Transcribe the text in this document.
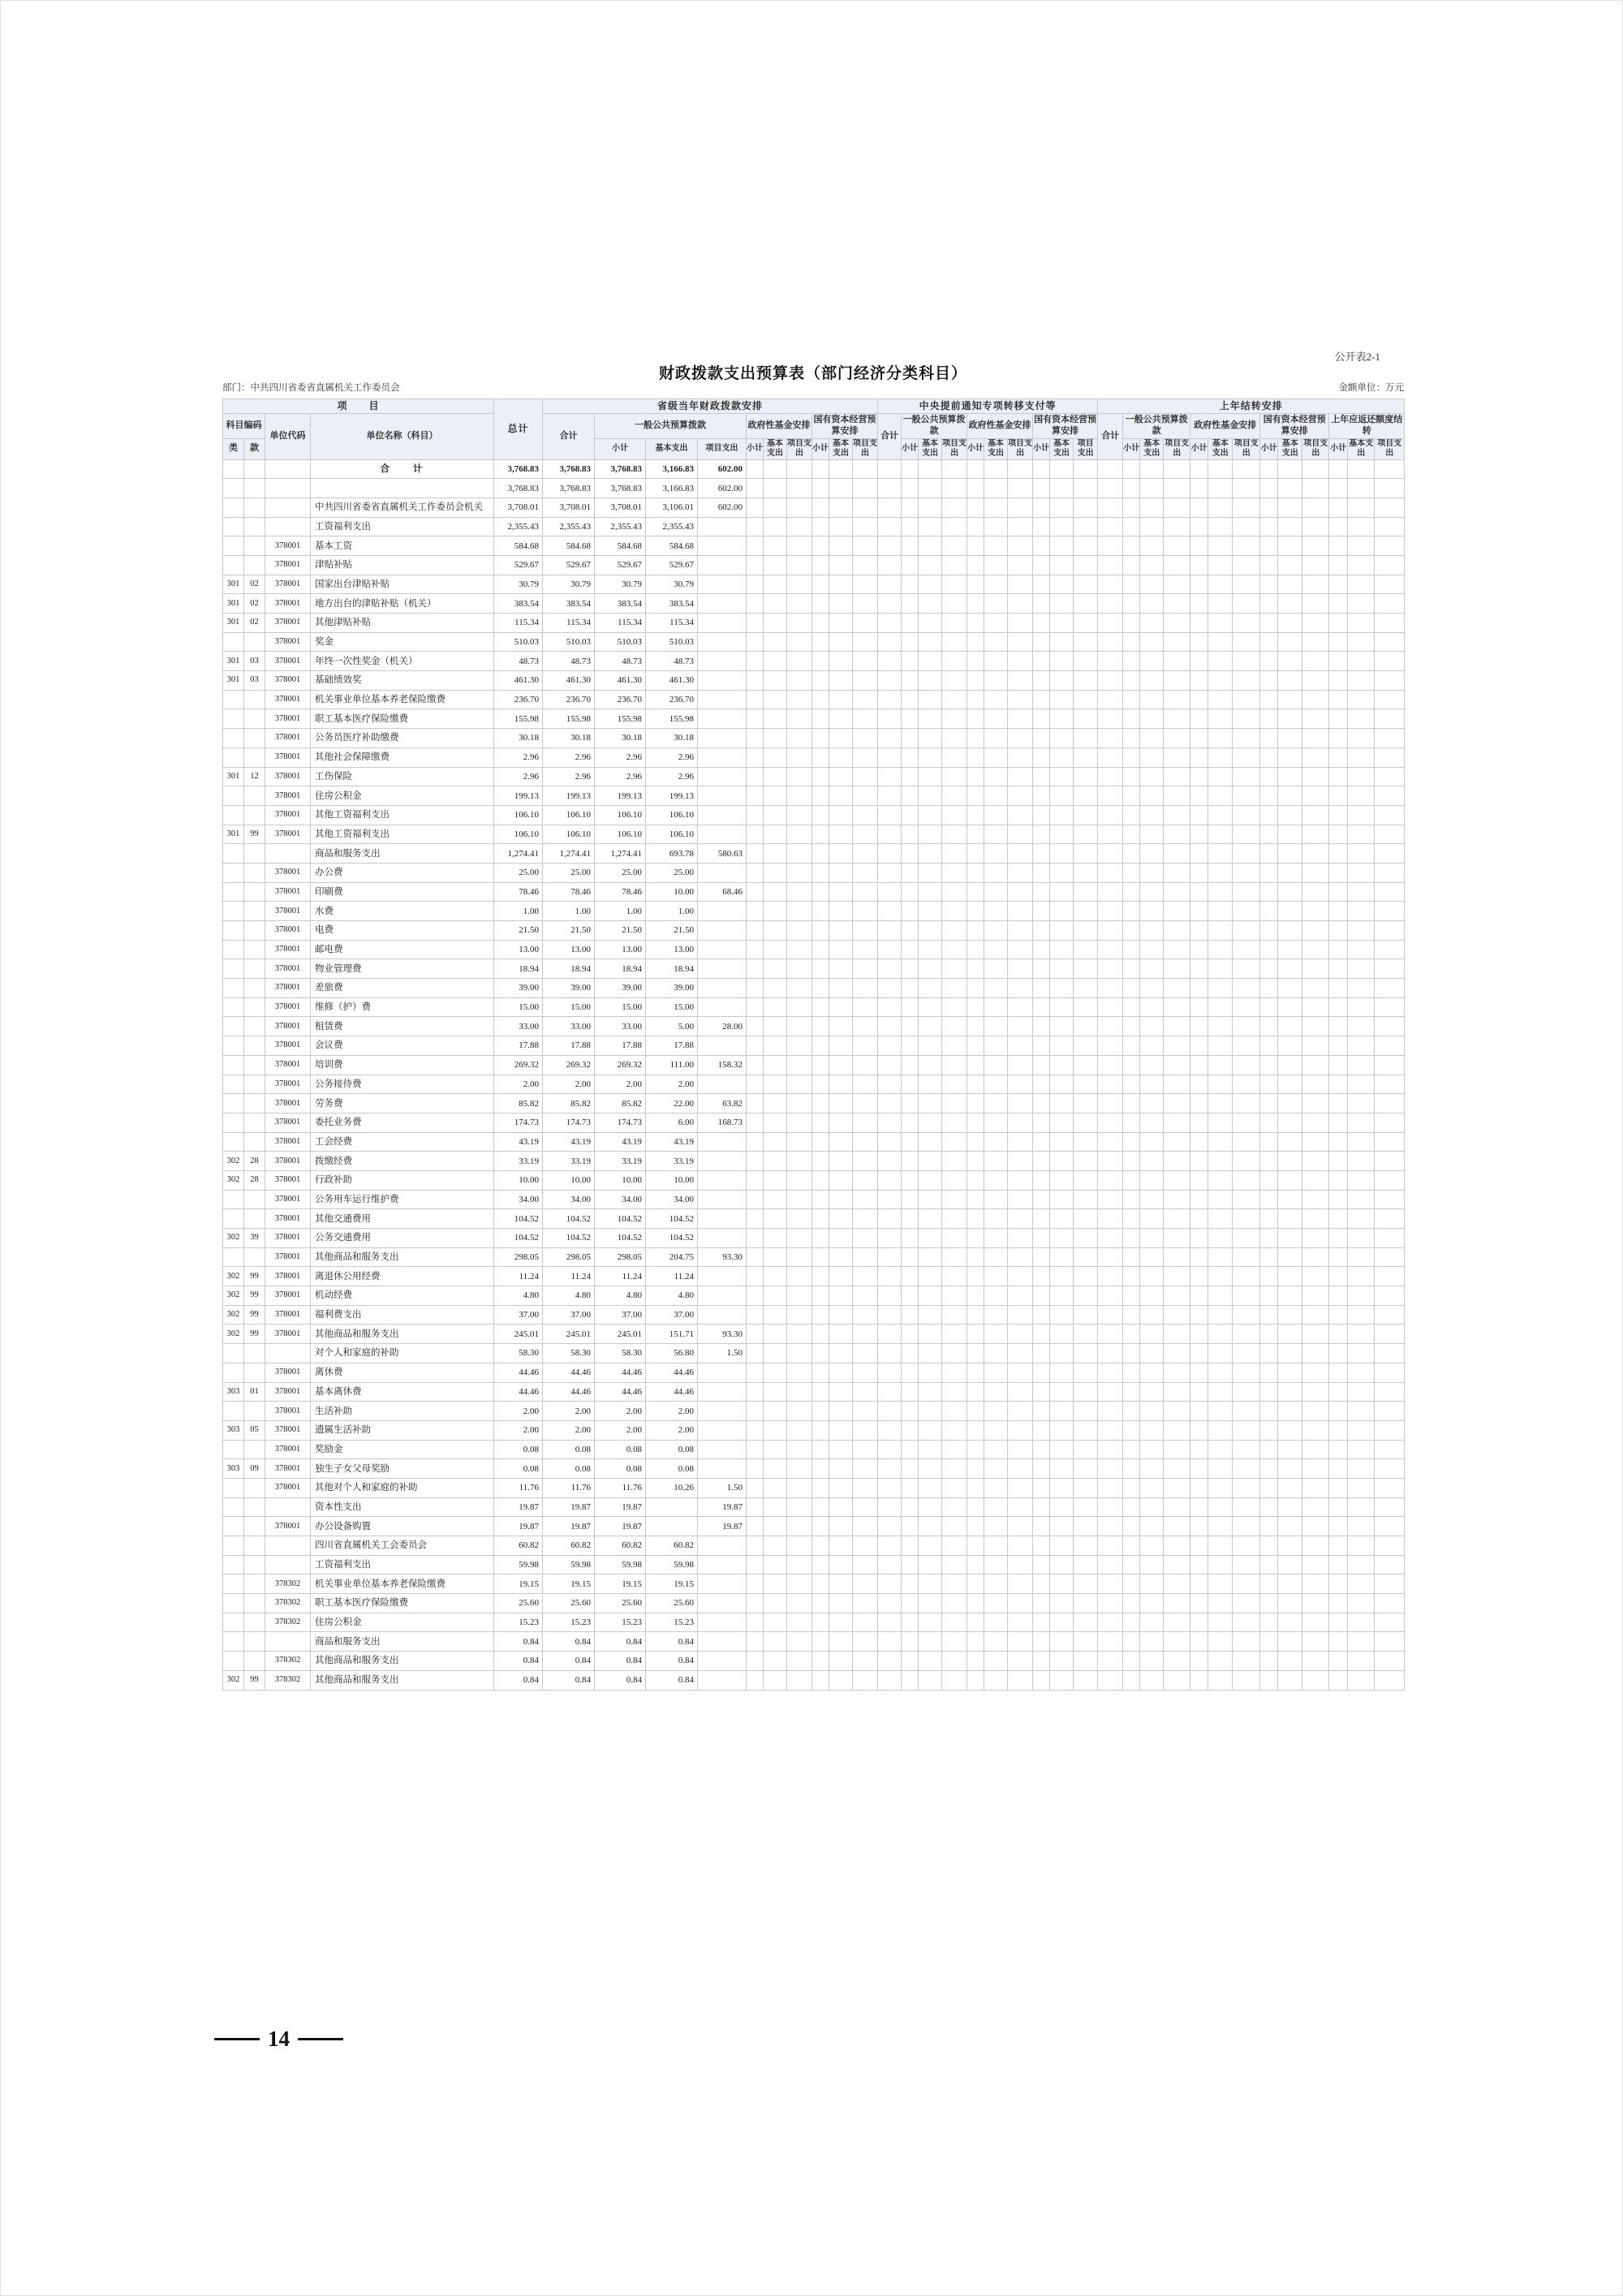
公开表2-1
财政拨款支出预算表（部门经济分类科目）
部门：中共四川省委省直属机关工作委员会	金额单位：万元
项　　目				总计	省级当年财政拨款安排										中央提前通知专项转移支付等										上年结转安排												
科目编码		单位代码	单位名称（科目）		合计	一般公共预算拨款			政府性基金安排			国有资本经营预算安排			合计	一般公共预算拨款			政府性基金安排			国有资本经营预算安排			合计	一般公共预算拨款			政府性基金安排			国有资本经营预算安排			上年应返还额度结转		
类	款					小计	基本支出	项目支出	小计	基本支出	项目支出	小计	基本支出	项目支出		小计	基本支出	项目支出	小计	基本支出	项目支出	小计	基本支出	项目支出		小计	基本支出	项目支出	小计	基本支出	项目支出	小计	基本支出	项目支出	小计	基本支出	项目支出
			合　　计	3,768.83	3,768.83	3,768.83	3,166.83	602.00																													
				3,768.83	3,768.83	3,768.83	3,166.83	602.00																													
			中共四川省委省直属机关工作委员会机关	3,708.01	3,708.01	3,708.01	3,106.01	602.00																													
			工资福利支出	2,355.43	2,355.43	2,355.43	2,355.43																														
		378001	基本工资	584.68	584.68	584.68	584.68																														
		378001	津贴补贴	529.67	529.67	529.67	529.67																														
301	02	378001	国家出台津贴补贴	30.79	30.79	30.79	30.79																														
301	02	378001	地方出台的津贴补贴（机关）	383.54	383.54	383.54	383.54																														
301	02	378001	其他津贴补贴	115.34	115.34	115.34	115.34																														
		378001	奖金	510.03	510.03	510.03	510.03																														
301	03	378001	年终一次性奖金（机关）	48.73	48.73	48.73	48.73																														
301	03	378001	基础绩效奖	461.30	461.30	461.30	461.30																														
		378001	机关事业单位基本养老保险缴费	236.70	236.70	236.70	236.70																														
		378001	职工基本医疗保险缴费	155.98	155.98	155.98	155.98																														
		378001	公务员医疗补助缴费	30.18	30.18	30.18	30.18																														
		378001	其他社会保障缴费	2.96	2.96	2.96	2.96																														
301	12	378001	工伤保险	2.96	2.96	2.96	2.96																														
		378001	住房公积金	199.13	199.13	199.13	199.13																														
		378001	其他工资福利支出	106.10	106.10	106.10	106.10																														
301	99	378001	其他工资福利支出	106.10	106.10	106.10	106.10																														
			商品和服务支出	1,274.41	1,274.41	1,274.41	693.78	580.63																													
		378001	办公费	25.00	25.00	25.00	25.00																														
		378001	印刷费	78.46	78.46	78.46	10.00	68.46																													
		378001	水费	1.00	1.00	1.00	1.00																														
		378001	电费	21.50	21.50	21.50	21.50																														
		378001	邮电费	13.00	13.00	13.00	13.00																														
		378001	物业管理费	18.94	18.94	18.94	18.94																														
		378001	差旅费	39.00	39.00	39.00	39.00																														
		378001	维修（护）费	15.00	15.00	15.00	15.00																														
		378001	租赁费	33.00	33.00	33.00	5.00	28.00																													
		378001	会议费	17.88	17.88	17.88	17.88																														
		378001	培训费	269.32	269.32	269.32	111.00	158.32																													
		378001	公务接待费	2.00	2.00	2.00	2.00																														
		378001	劳务费	85.82	85.82	85.82	22.00	63.82																													
		378001	委托业务费	174.73	174.73	174.73	6.00	168.73																													
		378001	工会经费	43.19	43.19	43.19	43.19																														
302	28	378001	拨缴经费	33.19	33.19	33.19	33.19																														
302	28	378001	行政补助	10.00	10.00	10.00	10.00																														
		378001	公务用车运行维护费	34.00	34.00	34.00	34.00																														
		378001	其他交通费用	104.52	104.52	104.52	104.52																														
302	39	378001	公务交通费用	104.52	104.52	104.52	104.52																														
		378001	其他商品和服务支出	298.05	298.05	298.05	204.75	93.30																													
302	99	378001	离退休公用经费	11.24	11.24	11.24	11.24																														
302	99	378001	机动经费	4.80	4.80	4.80	4.80																														
302	99	378001	福利费支出	37.00	37.00	37.00	37.00																														
302	99	378001	其他商品和服务支出	245.01	245.01	245.01	151.71	93.30																													
			对个人和家庭的补助	58.30	58.30	58.30	56.80	1.50																													
		378001	离休费	44.46	44.46	44.46	44.46																														
303	01	378001	基本离休费	44.46	44.46	44.46	44.46																														
		378001	生活补助	2.00	2.00	2.00	2.00																														
303	05	378001	遗属生活补助	2.00	2.00	2.00	2.00																														
		378001	奖励金	0.08	0.08	0.08	0.08																														
303	09	378001	独生子女父母奖励	0.08	0.08	0.08	0.08																														
		378001	其他对个人和家庭的补助	11.76	11.76	11.76	10.26	1.50																													
			资本性支出	19.87	19.87	19.87		19.87																													
		378001	办公设备购置	19.87	19.87	19.87		19.87																													
			四川省直属机关工会委员会	60.82	60.82	60.82	60.82																														
			工资福利支出	59.98	59.98	59.98	59.98																														
		378302	机关事业单位基本养老保险缴费	19.15	19.15	19.15	19.15																														
		378302	职工基本医疗保险缴费	25.60	25.60	25.60	25.60																														
		378302	住房公积金	15.23	15.23	15.23	15.23																														
			商品和服务支出	0.84	0.84	0.84	0.84																														
		378302	其他商品和服务支出	0.84	0.84	0.84	0.84																														
302	99	378302	其他商品和服务支出	0.84	0.84	0.84	0.84																														
14
